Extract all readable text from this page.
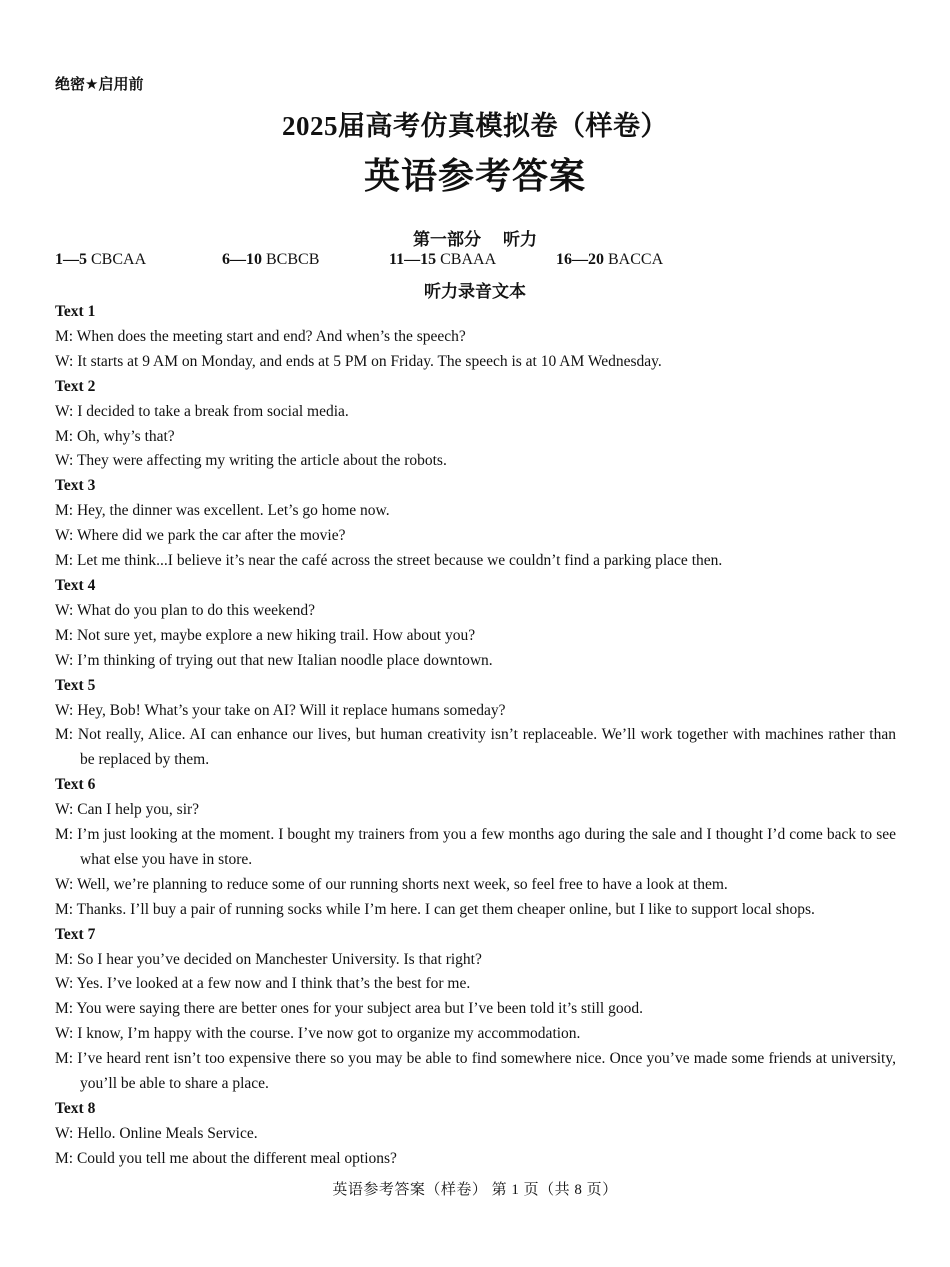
绝密★启用前
2025届高考仿真模拟卷（样卷）
英语参考答案
第一部分 听力
1—5 CBCAA	6—10 BCBCB	11—15 CBAAA	16—20 BACCA
听力录音文本
Text 1
M: When does the meeting start and end? And when’s the speech?
W: It starts at 9 AM on Monday, and ends at 5 PM on Friday. The speech is at 10 AM Wednesday.
Text 2
W: I decided to take a break from social media.
M: Oh, why’s that?
W: They were affecting my writing the article about the robots.
Text 3
M: Hey, the dinner was excellent. Let’s go home now.
W: Where did we park the car after the movie?
M: Let me think...I believe it’s near the café across the street because we couldn’t find a parking place then.
Text 4
W: What do you plan to do this weekend?
M: Not sure yet, maybe explore a new hiking trail. How about you?
W: I’m thinking of trying out that new Italian noodle place downtown.
Text 5
W: Hey, Bob! What’s your take on AI? Will it replace humans someday?
M: Not really, Alice. AI can enhance our lives, but human creativity isn’t replaceable. We’ll work together with machines rather than be replaced by them.
Text 6
W: Can I help you, sir?
M: I’m just looking at the moment. I bought my trainers from you a few months ago during the sale and I thought I’d come back to see what else you have in store.
W: Well, we’re planning to reduce some of our running shorts next week, so feel free to have a look at them.
M: Thanks. I’ll buy a pair of running socks while I’m here. I can get them cheaper online, but I like to support local shops.
Text 7
M: So I hear you’ve decided on Manchester University. Is that right?
W: Yes. I’ve looked at a few now and I think that’s the best for me.
M: You were saying there are better ones for your subject area but I’ve been told it’s still good.
W: I know, I’m happy with the course. I’ve now got to organize my accommodation.
M: I’ve heard rent isn’t too expensive there so you may be able to find somewhere nice. Once you’ve made some friends at university, you’ll be able to share a place.
Text 8
W: Hello. Online Meals Service.
M: Could you tell me about the different meal options?
英语参考答案（样卷） 第 1 页（共 8 页）
